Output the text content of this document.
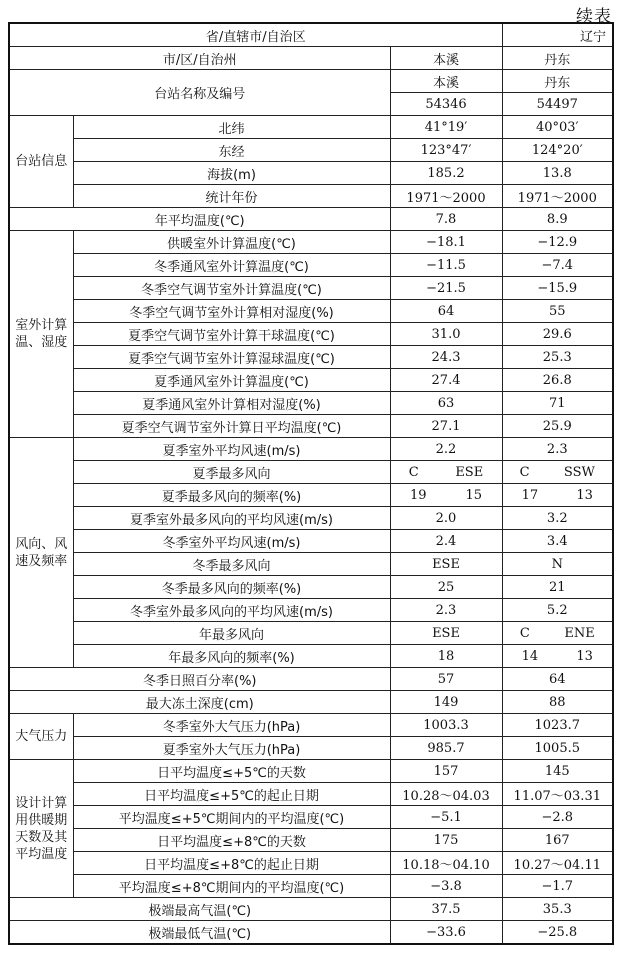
续表
省/直辖市/自治区			辽宁
市/区/自治州		本溪	丹东
台站名称及编号		本溪	丹东
		54346	54497
台站信息	北纬	41°19′	40°03′
	东经	123°47′	124°20′
	海拔(m)	185.2	13.8
	统计年份	1971～2000	1971～2000
年平均温度(℃)		7.8	8.9
室外计算温、湿度	供暖室外计算温度(℃)	−18.1	−12.9
	冬季通风室外计算温度(℃)	−11.5	−7.4
	冬季空气调节室外计算温度(℃)	−21.5	−15.9
	冬季空气调节室外计算相对湿度(%)	64	55
	夏季空气调节室外计算干球温度(℃)	31.0	29.6
	夏季空气调节室外计算湿球温度(℃)	24.3	25.3
	夏季通风室外计算温度(℃)	27.4	26.8
	夏季通风室外计算相对湿度(%)	63	71
	夏季空气调节室外计算日平均温度(℃)	27.1	25.9
风向、风速及频率	夏季室外平均风速(m/s)	2.2	2.3
	夏季最多风向	C ESE	C SSW

	夏季最多风向的频率(%)	19 15	17 13

	夏季室外最多风向的平均风速(m/s)	2.0	3.2
	冬季室外平均风速(m/s)	2.4	3.4
	冬季最多风向	ESE	N
	冬季最多风向的频率(%)	25	21
	冬季室外最多风向的平均风速(m/s)	2.3	5.2
	年最多风向	ESE	C ENE

	年最多风向的频率(%)	18	14 13

冬季日照百分率(%)		57	64
最大冻土深度(cm)		149	88
大气压力	冬季室外大气压力(hPa)	1003.3	1023.7
	夏季室外大气压力(hPa)	985.7	1005.5
设计计算用供暖期天数及其平均温度	日平均温度≤+5℃的天数	157	145
	日平均温度≤+5℃的起止日期	10.28～04.03	11.07～03.31
	平均温度≤+5℃期间内的平均温度(℃)	−5.1	−2.8
	日平均温度≤+8℃的天数	175	167
	日平均温度≤+8℃的起止日期	10.18～04.10	10.27～04.11
	平均温度≤+8℃期间内的平均温度(℃)	−3.8	−1.7
极端最高气温(℃)		37.5	35.3
极端最低气温(℃)		−33.6	−25.8
